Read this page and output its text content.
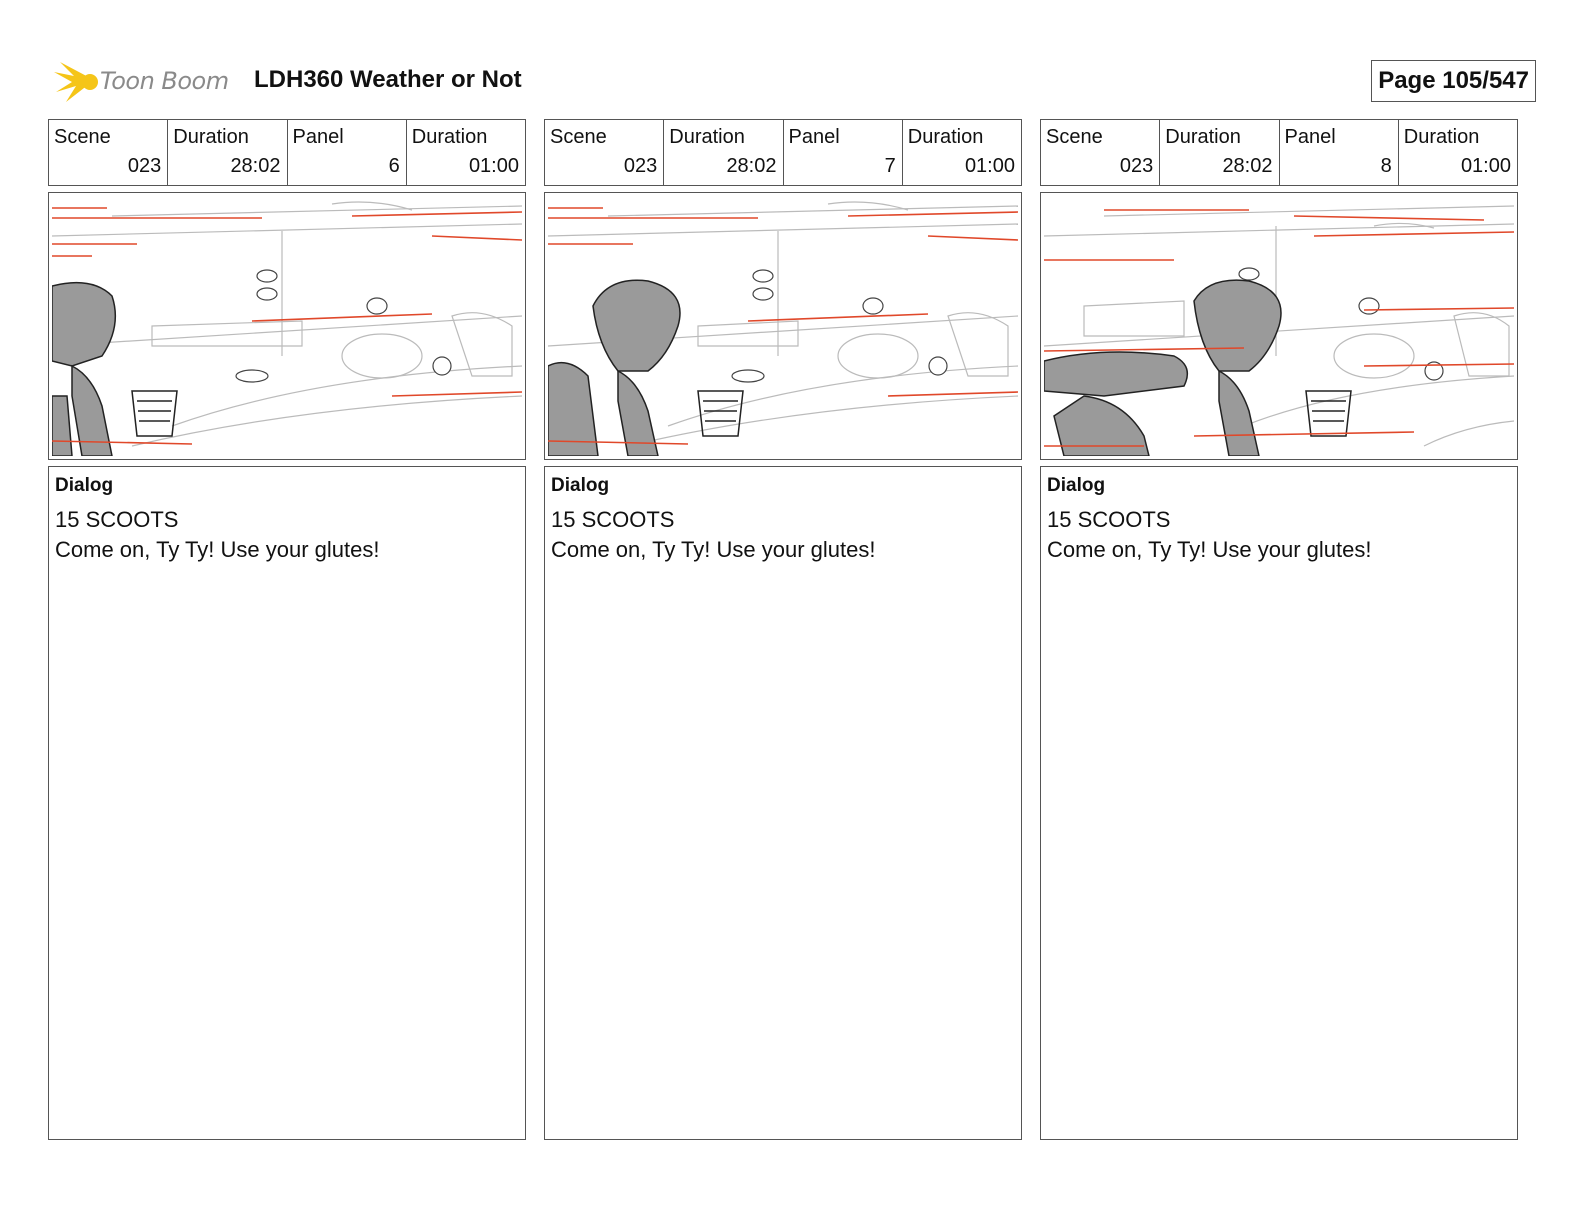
Toon Boom LDH360 Weather or Not	Page 105/547
Scene
023
Duration
28:02
Panel
6
Duration
01:00
Dialog
15 SCOOTS
Come on, Ty Ty! Use your glutes!
Scene
023
Duration
28:02
Panel
7
Duration
01:00
Dialog
15 SCOOTS
Come on, Ty Ty! Use your glutes!
Scene
023
Duration
28:02
Panel
8
Duration
01:00
Dialog
15 SCOOTS
Come on, Ty Ty! Use your glutes!
